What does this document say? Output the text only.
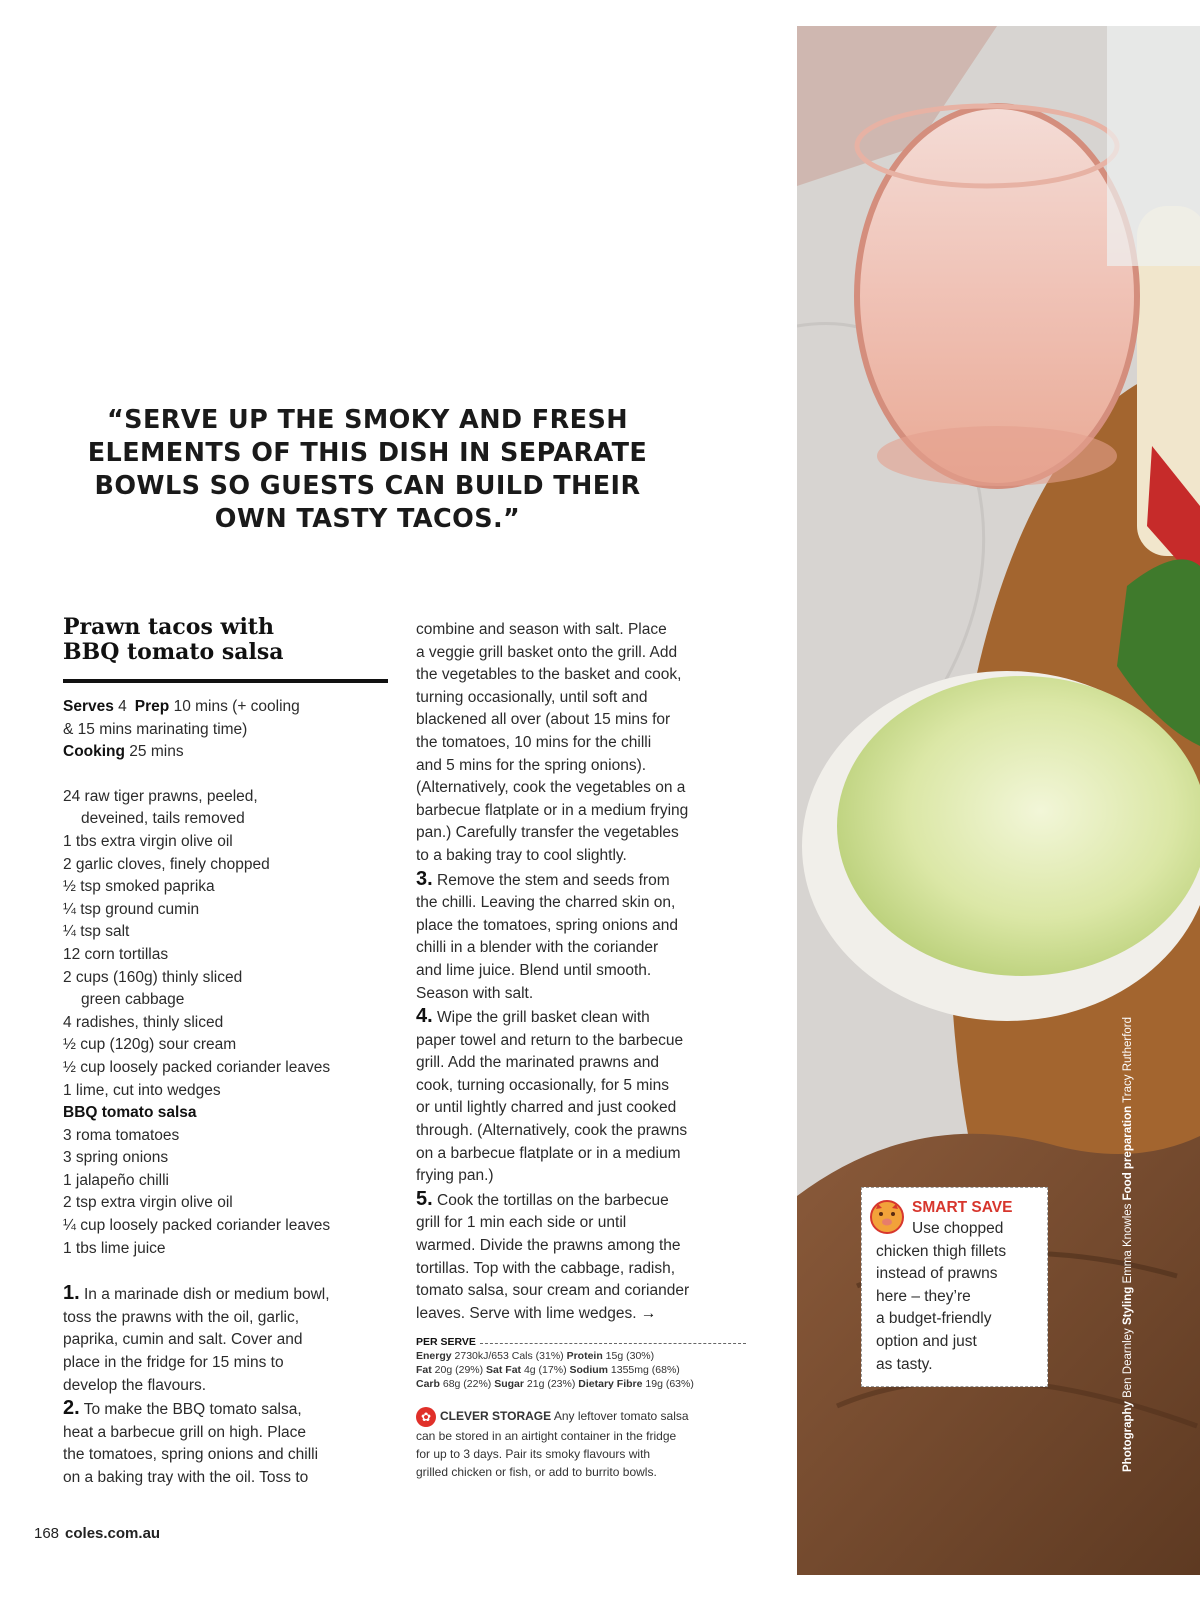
“SERVE UP THE SMOKY AND FRESH
ELEMENTS OF THIS DISH IN SEPARATE
BOWLS SO GUESTS CAN BUILD THEIR
OWN TASTY TACOS.”
Prawn tacos with
BBQ tomato salsa
Serves 4 Prep 10 mins (+ cooling
& 15 mins marinating time)
Cooking 25 mins
24 raw tiger prawns, peeled,
deveined, tails removed
1 tbs extra virgin olive oil
2 garlic cloves, finely chopped
½ tsp smoked paprika
¼ tsp ground cumin
¼ tsp salt
12 corn tortillas
2 cups (160g) thinly sliced
green cabbage
4 radishes, thinly sliced
½ cup (120g) sour cream
½ cup loosely packed coriander leaves
1 lime, cut into wedges
BBQ tomato salsa
3 roma tomatoes
3 spring onions
1 jalapeño chilli
2 tsp extra virgin olive oil
¼ cup loosely packed coriander leaves
1 tbs lime juice
1. In a marinade dish or medium bowl,
toss the prawns with the oil, garlic,
paprika, cumin and salt. Cover and
place in the fridge for 15 mins to
develop the flavours.
2. To make the BBQ tomato salsa,
heat a barbecue grill on high. Place
the tomatoes, spring onions and chilli
on a baking tray with the oil. Toss to
combine and season with salt. Place
a veggie grill basket onto the grill. Add
the vegetables to the basket and cook,
turning occasionally, until soft and
blackened all over (about 15 mins for
the tomatoes, 10 mins for the chilli
and 5 mins for the spring onions).
(Alternatively, cook the vegetables on a
barbecue flatplate or in a medium frying
pan.) Carefully transfer the vegetables
to a baking tray to cool slightly.
3. Remove the stem and seeds from
the chilli. Leaving the charred skin on,
place the tomatoes, spring onions and
chilli in a blender with the coriander
and lime juice. Blend until smooth.
Season with salt.
4. Wipe the grill basket clean with
paper towel and return to the barbecue
grill. Add the marinated prawns and
cook, turning occasionally, for 5 mins
or until lightly charred and just cooked
through. (Alternatively, cook the prawns
on a barbecue flatplate or in a medium
frying pan.)
5. Cook the tortillas on the barbecue
grill for 1 min each side or until
warmed. Divide the prawns among the
tortillas. Top with the cabbage, radish,
tomato salsa, sour cream and coriander
leaves. Serve with lime wedges. →
PER SERVE
Energy 2730kJ/653 Cals (31%) Protein 15g (30%)
Fat 20g (29%) Sat Fat 4g (17%) Sodium 1355mg (68%)
Carb 68g (22%) Sugar 21g (23%) Dietary Fibre 19g (63%)
✿ CLEVER STORAGE Any leftover tomato salsa
can be stored in an airtight container in the fridge
for up to 3 days. Pair its smoky flavours with
grilled chicken or fish, or add to burrito bowls.
Photography Ben Dearnley Styling Emma Knowles Food preparation Tracy Rutherford
SMART SAVE
Use chopped
chicken thigh fillets
instead of prawns
here – they’re
a budget-friendly
option and just
as tasty.
168 coles.com.au
